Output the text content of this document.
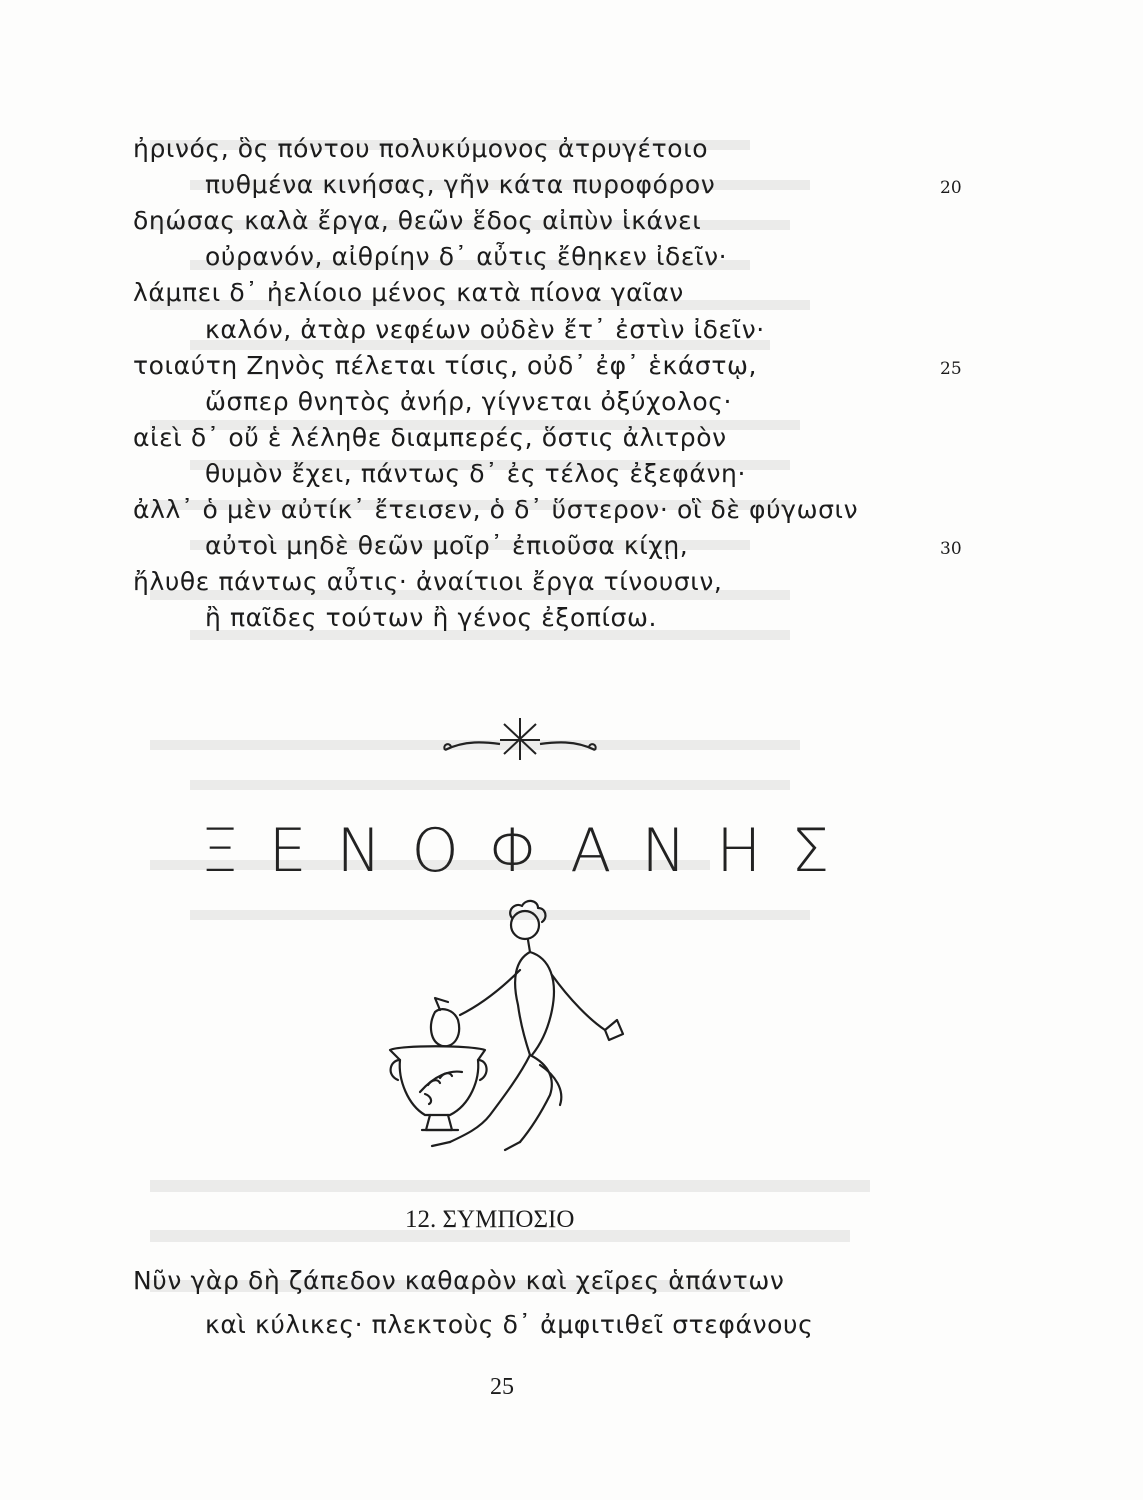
ἠρινός, ὃς πόντου πολυκύμονος ἀτρυγέτοιο
πυθμένα κινήσας, γῆν κάτα πυροφόρον	20
δηώσας καλὰ ἔργα, θεῶν ἕδος αἰπὺν ἱκάνει
οὐρανόν, αἰθρίην δ᾽ αὖτις ἔθηκεν ἰδεῖν·
λάμπει δ᾽ ἠελίοιο μένος κατὰ πίονα γαῖαν
καλόν, ἀτὰρ νεφέων οὐδὲν ἔτ᾽ ἐστὶν ἰδεῖν·
τοιαύτη Ζηνὸς πέλεται τίσις, οὐδ᾽ ἐφ᾽ ἑκάστῳ,	25
ὥσπερ θνητὸς ἀνήρ, γίγνεται ὀξύχολος·
αἰεὶ δ᾽ οὔ ἑ λέληθε διαμπερές, ὅστις ἀλιτρὸν
θυμὸν ἔχει, πάντως δ᾽ ἐς τέλος ἐξεφάνη·
ἀλλ᾽ ὁ μὲν αὐτίκ᾽ ἔτεισεν, ὁ δ᾽ ὕστερον· οἳ δὲ φύγωσιν
αὐτοὶ μηδὲ θεῶν μοῖρ᾽ ἐπιοῦσα κίχῃ,	30
ἤλυθε πάντως αὖτις· ἀναίτιοι ἔργα τίνουσιν,
ἢ παῖδες τούτων ἢ γένος ἐξοπίσω.
ΞΕΝΟΦΑΝΗΣ
12. ΣΥΜΠΟΣΙΟ
Νῦν γὰρ δὴ ζάπεδον καθαρὸν καὶ χεῖρες ἁπάντων
καὶ κύλικες· πλεκτοὺς δ᾽ ἀμφιτιθεῖ στεφάνους
25
